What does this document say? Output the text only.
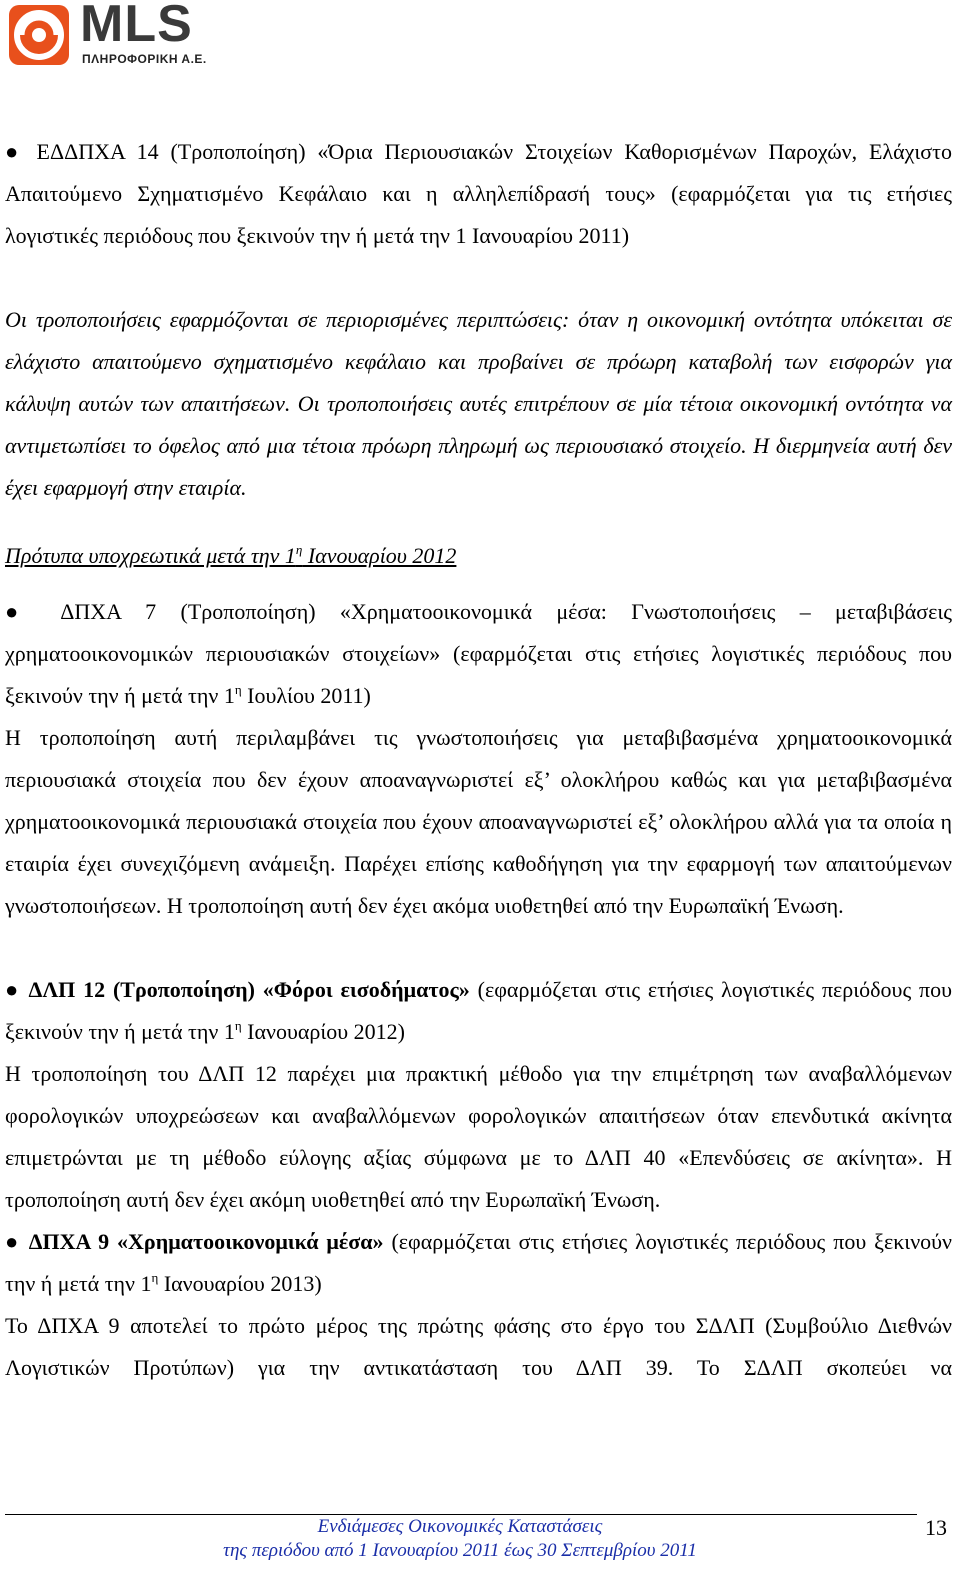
MLS
ΠΛΗΡΟΦΟΡΙΚΗ Α.Ε.

● ΕΔΔΠΧΑ 14 (Τροποποίηση) «Όρια Περιουσιακών Στοιχείων Καθορισμένων Παροχών, Ελάχιστο Απαιτούμενο Σχηματισμένο Κεφάλαιο και η αλληλεπίδρασή τους» (εφαρμόζεται για τις ετήσιες λογιστικές περιόδους που ξεκινούν την ή μετά την 1 Ιανουαρίου 2011)

Οι τροποποιήσεις εφαρμόζονται σε περιορισμένες περιπτώσεις: όταν η οικονομική οντότητα υπόκειται σε ελάχιστο απαιτούμενο σχηματισμένο κεφάλαιο και προβαίνει σε πρόωρη καταβολή των εισφορών για κάλυψη αυτών των απαιτήσεων. Οι τροποποιήσεις αυτές επιτρέπουν σε μία τέτοια οικονομική οντότητα να αντιμετωπίσει το όφελος από μια τέτοια πρόωρη πληρωμή ως περιουσιακό στοιχείο. Η διερμηνεία αυτή δεν έχει εφαρμογή στην εταιρία.

Πρότυπα υποχρεωτικά μετά την $1^\eta$ Ιανουαρίου 2012

● ΔΠΧΑ 7 (Τροποποίηση) «Χρηματοοικονομικά μέσα: Γνωστοποιήσεις – μεταβιβάσεις χρηματοοικονομικών περιουσιακών στοιχείων» (εφαρμόζεται στις ετήσιες λογιστικές περιόδους που ξεκινούν την ή μετά την $1^\eta$ Ιουλίου 2011)

Η τροποποίηση αυτή περιλαμβάνει τις γνωστοποιήσεις για μεταβιβασμένα χρηματοοικονομικά περιουσιακά στοιχεία που δεν έχουν αποαναγνωριστεί εξ’ ολοκλήρου καθώς και για μεταβιβασμένα χρηματοοικονομικά περιουσιακά στοιχεία που έχουν αποαναγνωριστεί εξ’ ολοκλήρου αλλά για τα οποία η εταιρία έχει συνεχιζόμενη ανάμειξη. Παρέχει επίσης καθοδήγηση για την εφαρμογή των απαιτούμενων γνωστοποιήσεων. Η τροποποίηση αυτή δεν έχει ακόμα υιοθετηθεί από την Ευρωπαϊκή Ένωση.

● ΔΛΠ 12 (Τροποποίηση) «Φόροι εισοδήματος» (εφαρμόζεται στις ετήσιες λογιστικές περιόδους που ξεκινούν την ή μετά την $1^\eta$ Ιανουαρίου 2012)

Η τροποποίηση του ΔΛΠ 12 παρέχει μια πρακτική μέθοδο για την επιμέτρηση των αναβαλλόμενων φορολογικών υποχρεώσεων και αναβαλλόμενων φορολογικών απαιτήσεων όταν επενδυτικά ακίνητα επιμετρώνται με τη μέθοδο εύλογης αξίας σύμφωνα με το ΔΛΠ 40 «Επενδύσεις σε ακίνητα». Η τροποποίηση αυτή δεν έχει ακόμη υιοθετηθεί από την Ευρωπαϊκή Ένωση.

● ΔΠΧΑ 9 «Χρηματοοικονομικά μέσα» (εφαρμόζεται στις ετήσιες λογιστικές περιόδους που ξεκινούν την ή μετά την $1^\eta$ Ιανουαρίου 2013)

Το ΔΠΧΑ 9 αποτελεί το πρώτο μέρος της πρώτης φάσης στο έργο του ΣΔΛΠ (Συμβούλιο Διεθνών Λογιστικών Προτύπων) για την αντικατάσταση του ΔΛΠ 39. Το ΣΔΛΠ σκοπεύει να

Ενδιάμεσες Οικονομικές Καταστάσεις
της περιόδου από 1 Ιανουαρίου 2011 έως 30 Σεπτεμβρίου 2011
13
